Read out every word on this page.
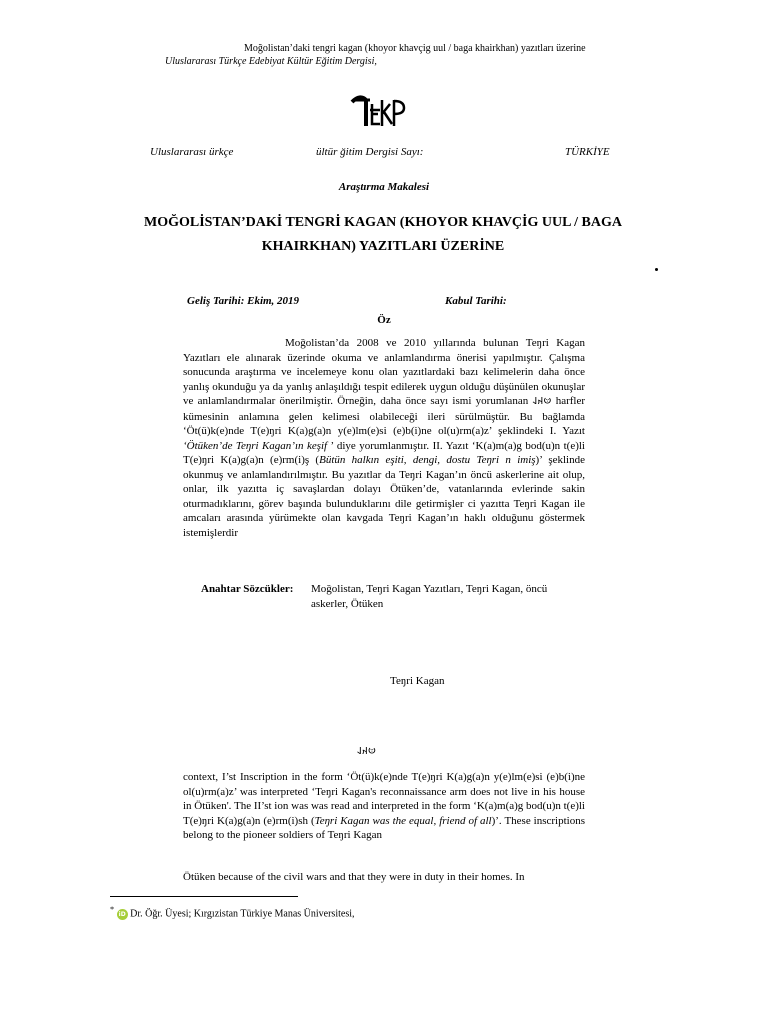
Moğolistan’daki tengri kagan (khoyor khavçig uul / baga khairkhan) yazıtları üzerine
Uluslararası Türkçe Edebiyat Kültür Eğitim Dergisi,
Uluslararası ürkçe	ültür ğitim Dergisi Sayı:	TÜRKİYE
Araştırma Makalesi
MOĞOLİSTAN’DAKİ TENGRİ KAGAN (KHOYOR KHAVÇİG UUL / BAGA
KHAIRKHAN) YAZITLARI ÜZERİNE
Geliş Tarihi: Ekim, 2019	Kabul Tarihi:
Öz

Moğolistan’da 2008 ve 2010 yıllarında bulunan Teŋri Kagan Yazıtları ele alınarak üzerinde okuma ve anlamlandırma önerisi yapılmıştır. Çalışma sonucunda araştırma ve incelemeye konu olan yazıtlardaki bazı kelimelerin daha önce yanlış okunduğu ya da yanlış anlaşıldığı tespit edilerek uygun olduğu düşünülen okunuşlar ve anlamlandırmalar önerilmiştir. Örneğin, daha önce sayı ismi yorumlanan 𐰦𐰴𐰞 harfler kümesinin anlamına gelen kelimesi olabileceği ileri sürülmüştür. Bu bağlamda ‘Öt(ü)k(e)nde T(e)ŋri K(a)g(a)n y(e)lm(e)si (e)b(i)ne ol(u)rm(a)z’ şeklindeki I. Yazıt ‘Ötüken’de Teŋri Kagan’ın keşif ’ diye yorumlanmıştır. II. Yazıt ‘K(a)m(a)g bod(u)n t(e)li T(e)ŋri K(a)g(a)n (e)rm(i)ş (Bütün halkın eşiti, dengi, dostu Teŋri n imiş)’ şeklinde okunmuş ve anlamlandırılmıştır. Bu yazıtlar da Teŋri Kagan’ın öncü askerlerine ait olup, onlar, ilk yazıtta iç savaşlardan dolayı Ötüken’de, vatanlarında evlerinde sakin oturmadıklarını, görev başında bulunduklarını dile getirmişler ci yazıtta Teŋri Kagan ile amcaları arasında yürümekte olan kavgada Teŋri Kagan’ın haklı olduğunu göstermek istemişlerdir

Anahtar Sözcükler: Moğolistan, Teŋri Kagan Yazıtları, Teŋri Kagan, öncü askerler, Ötüken
Teŋri Kagan
𐰦𐰴𐰞

context, I’st Inscription in the form ‘Öt(ü)k(e)nde T(e)ŋri K(a)g(a)n y(e)lm(e)si (e)b(i)ne ol(u)rm(a)z’ was interpreted ‘Teŋri Kagan's reconnaissance arm does not live in his house in Ötüken'. The II’st ion was was read and interpreted in the form ‘K(a)m(a)g bod(u)n t(e)li T(e)ŋri K(a)g(a)n (e)rm(i)sh (Teŋri Kagan was the equal, friend of all)’. These inscriptions belong to the pioneer soldiers of Teŋri Kagan

Ötüken because of the civil wars and that they were in duty in their homes. In
* iD Dr. Öğr. Üyesi; Kırgızistan Türkiye Manas Üniversitesi,
